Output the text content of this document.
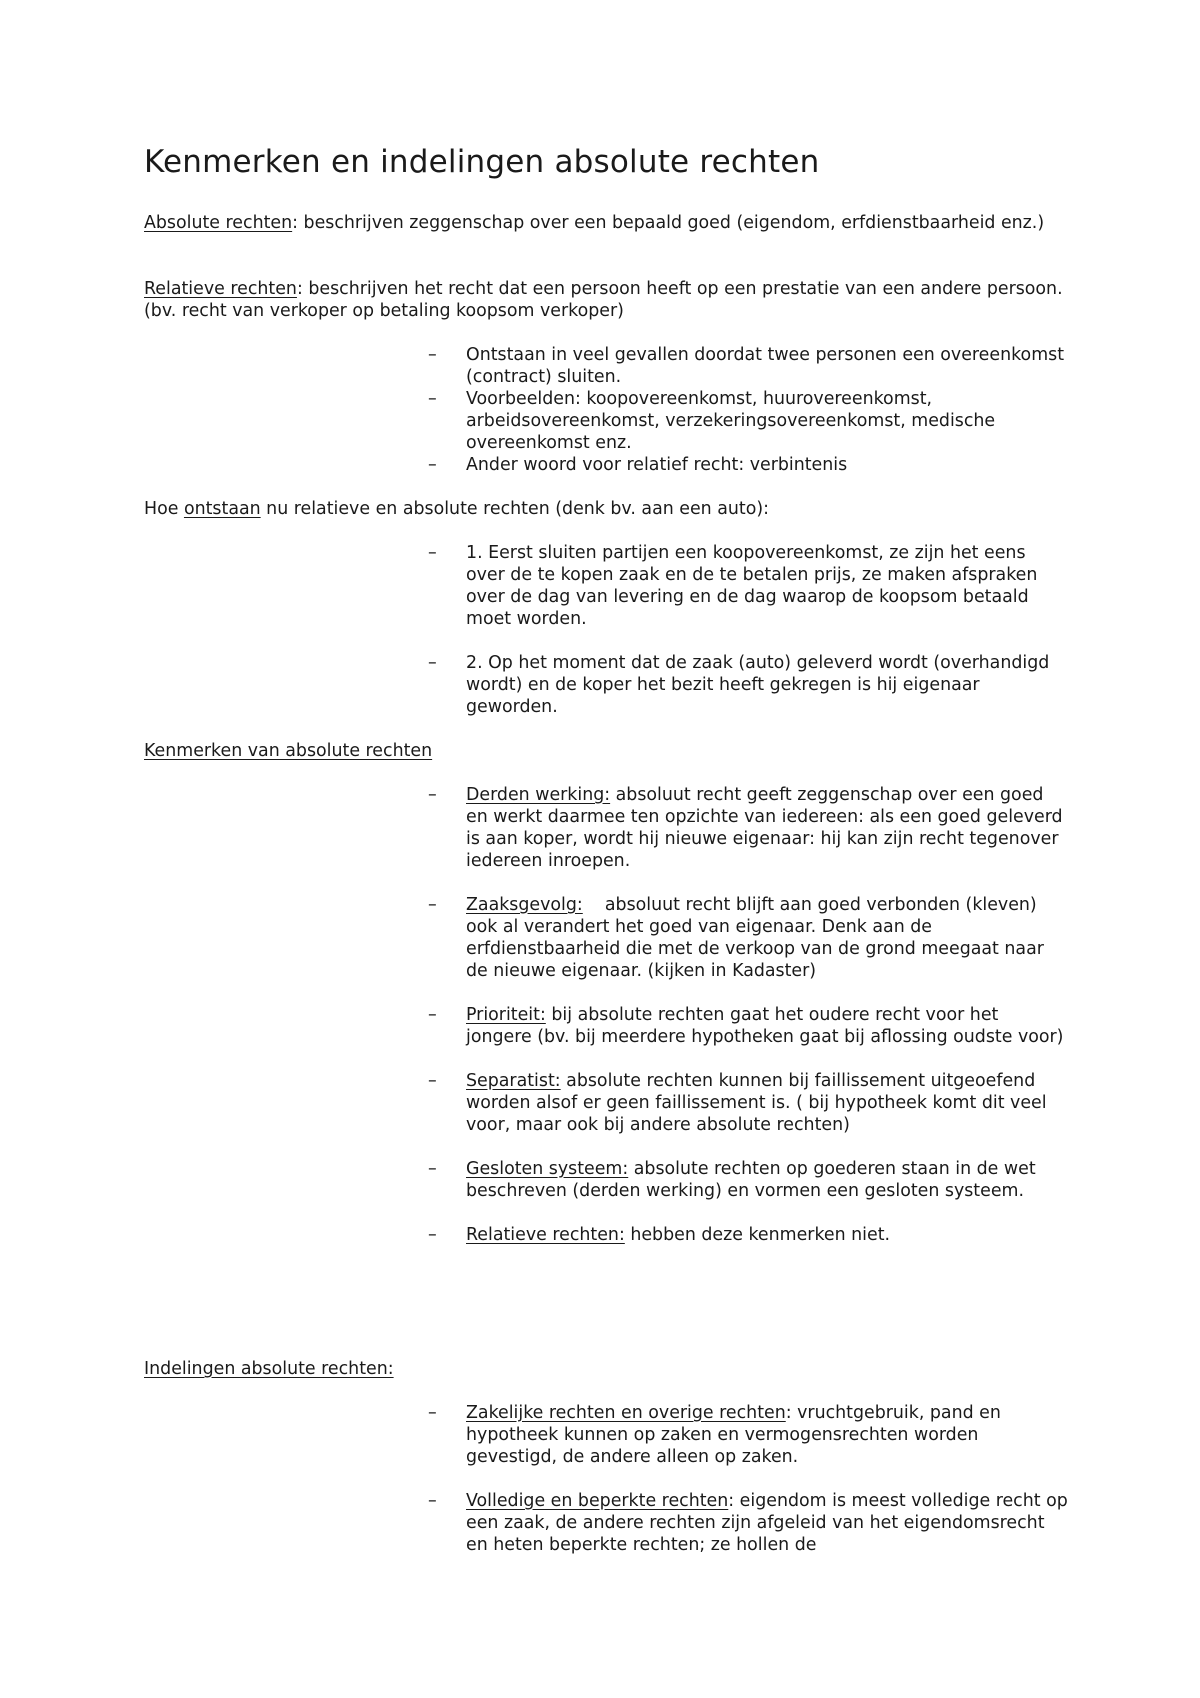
Kenmerken en indelingen absolute rechten

Absolute rechten: beschrijven zeggenschap over een bepaald goed (eigendom, erfdienstbaarheid enz.)

Relatieve rechten: beschrijven het recht dat een persoon heeft op een prestatie van een andere persoon. (bv. recht van verkoper op betaling koopsom verkoper)

– Ontstaan in veel gevallen doordat twee personen een overeenkomst (contract) sluiten.
– Voorbeelden: koopovereenkomst, huurovereenkomst, arbeidsovereenkomst, verzekeringsovereenkomst, medische overeenkomst enz.
– Ander woord voor relatief recht: verbintenis

Hoe ontstaan nu relatieve en absolute rechten (denk bv. aan een auto):

– 1. Eerst sluiten partijen een koopovereenkomst, ze zijn het eens over de te kopen zaak en de te betalen prijs, ze maken afspraken over de dag van levering en de dag waarop de koopsom betaald moet worden.
– 2. Op het moment dat de zaak (auto) geleverd wordt (overhandigd wordt) en de koper het bezit heeft gekregen is hij eigenaar geworden.

Kenmerken van absolute rechten

– Derden werking: absoluut recht geeft zeggenschap over een goed en werkt daarmee ten opzichte van iedereen: als een goed geleverd is aan koper, wordt hij nieuwe eigenaar: hij kan zijn recht tegenover iedereen inroepen.
– Zaaksgevolg:    absoluut recht blijft aan goed verbonden (kleven) ook al verandert het goed van eigenaar. Denk aan de erfdienstbaarheid die met de verkoop van de grond meegaat naar de nieuwe eigenaar. (kijken in Kadaster)
– Prioriteit: bij absolute rechten gaat het oudere recht voor het jongere (bv. bij meerdere hypotheken gaat bij aflossing oudste voor)
– Separatist: absolute rechten kunnen bij faillissement uitgeoefend worden alsof er geen faillissement is. ( bij hypotheek komt dit veel voor, maar ook bij andere absolute rechten)
– Gesloten systeem: absolute rechten op goederen staan in de wet beschreven (derden werking) en vormen een gesloten systeem.
– Relatieve rechten: hebben deze kenmerken niet.

Indelingen absolute rechten:

– Zakelijke rechten en overige rechten: vruchtgebruik, pand en hypotheek kunnen op zaken en vermogensrechten worden gevestigd, de andere alleen op zaken.
– Volledige en beperkte rechten: eigendom is meest volledige recht op een zaak, de andere rechten zijn afgeleid van het eigendomsrecht en heten beperkte rechten; ze hollen de
